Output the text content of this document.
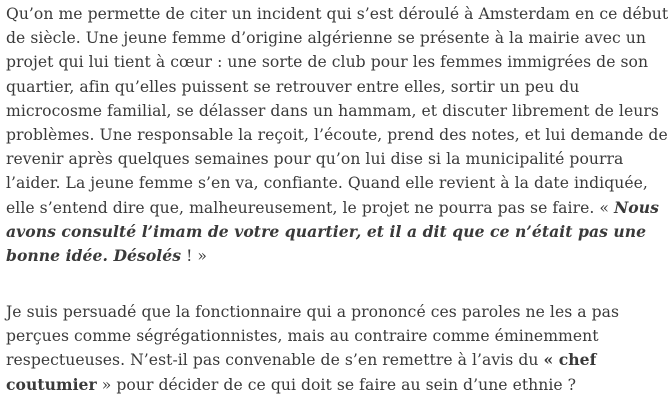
Qu’on me permette de citer un incident qui s’est déroulé à Amsterdam en ce début
de siècle. Une jeune femme d’origine algérienne se présente à la mairie avec un
projet qui lui tient à cœur : une sorte de club pour les femmes immigrées de son
quartier, afin qu’elles puissent se retrouver entre elles, sortir un peu du
microcosme familial, se délasser dans un hammam, et discuter librement de leurs
problèmes. Une responsable la reçoit, l’écoute, prend des notes, et lui demande de
revenir après quelques semaines pour qu’on lui dise si la municipalité pourra
l’aider. La jeune femme s’en va, confiante. Quand elle revient à la date indiquée,
elle s’entend dire que, malheureusement, le projet ne pourra pas se faire. « Nous
avons consulté l’imam de votre quartier, et il a dit que ce n’était pas une
bonne idée. Désolés ! »

Je suis persuadé que la fonctionnaire qui a prononcé ces paroles ne les a pas
perçues comme ségrégationnistes, mais au contraire comme éminemment
respectueuses. N’est-il pas convenable de s’en remettre à l’avis du « chef
coutumier » pour décider de ce qui doit se faire au sein d’une ethnie ?
